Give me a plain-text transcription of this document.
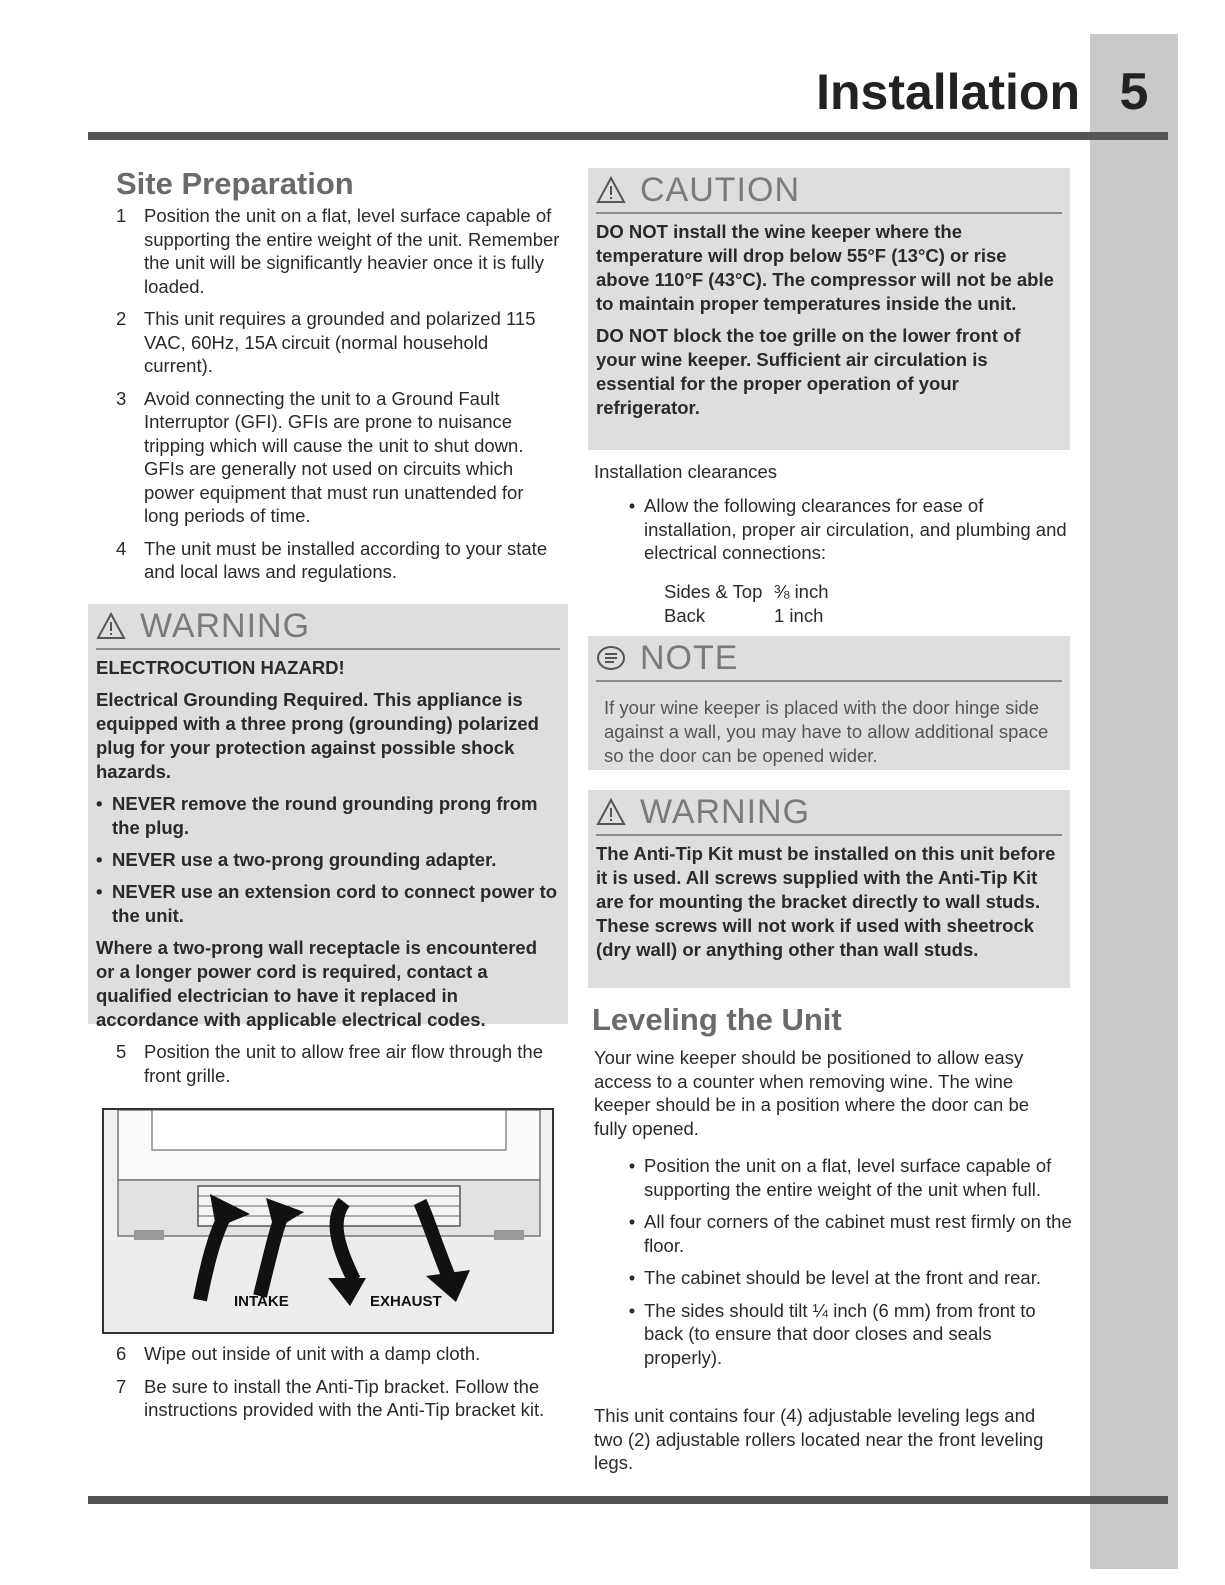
Installation 5
Site Preparation
1 Position the unit on a flat, level surface capable of supporting the entire weight of the unit. Remember the unit will be significantly heavier once it is fully loaded.
2 This unit requires a grounded and polarized 115 VAC, 60Hz, 15A circuit (normal household current).
3 Avoid connecting the unit to a Ground Fault Interruptor (GFI). GFIs are prone to nuisance tripping which will cause the unit to shut down. GFIs are generally not used on circuits which power equipment that must run unattended for long periods of time.
4 The unit must be installed according to your state and local laws and regulations.
WARNING

ELECTROCUTION HAZARD!

Electrical Grounding Required. This appliance is equipped with a three prong (grounding) polarized plug for your protection against possible shock hazards.

• NEVER remove the round grounding prong from the plug.
• NEVER use a two-prong grounding adapter.
• NEVER use an extension cord to connect power to the unit.

Where a two-prong wall receptacle is encountered or a longer power cord is required, contact a qualified electrician to have it replaced in accordance with applicable electrical codes.

5 Position the unit to allow free air flow through the front grille.
INTAKE	EXHAUST
6 Wipe out inside of unit with a damp cloth.
7 Be sure to install the Anti-Tip bracket. Follow the instructions provided with the Anti-Tip bracket kit.
CAUTION

DO NOT install the wine keeper where the temperature will drop below 55°F (13°C) or rise above 110°F (43°C). The compressor will not be able to maintain proper temperatures inside the unit.

DO NOT block the toe grille on the lower front of your wine keeper. Sufficient air circulation is essential for the proper operation of your refrigerator.

Installation clearances
• Allow the following clearances for ease of installation, proper air circulation, and plumbing and electrical connections:
Sides & Top ⅜ inch
Back	1 inch
NOTE

If your wine keeper is placed with the door hinge side against a wall, you may have to allow additional space so the door can be opened wider.

WARNING

The Anti-Tip Kit must be installed on this unit before it is used. All screws supplied with the Anti-Tip Kit are for mounting the bracket directly to wall studs. These screws will not work if used with sheetrock (dry wall) or anything other than wall studs.

Leveling the Unit
Your wine keeper should be positioned to allow easy access to a counter when removing wine. The wine keeper should be in a position where the door can be fully opened.
• Position the unit on a flat, level surface capable of supporting the entire weight of the unit when full.
• All four corners of the cabinet must rest firmly on the floor.
• The cabinet should be level at the front and rear.
• The sides should tilt ¼ inch (6 mm) from front to back (to ensure that door closes and seals properly).
This unit contains four (4) adjustable leveling legs and two (2) adjustable rollers located near the front leveling legs.
